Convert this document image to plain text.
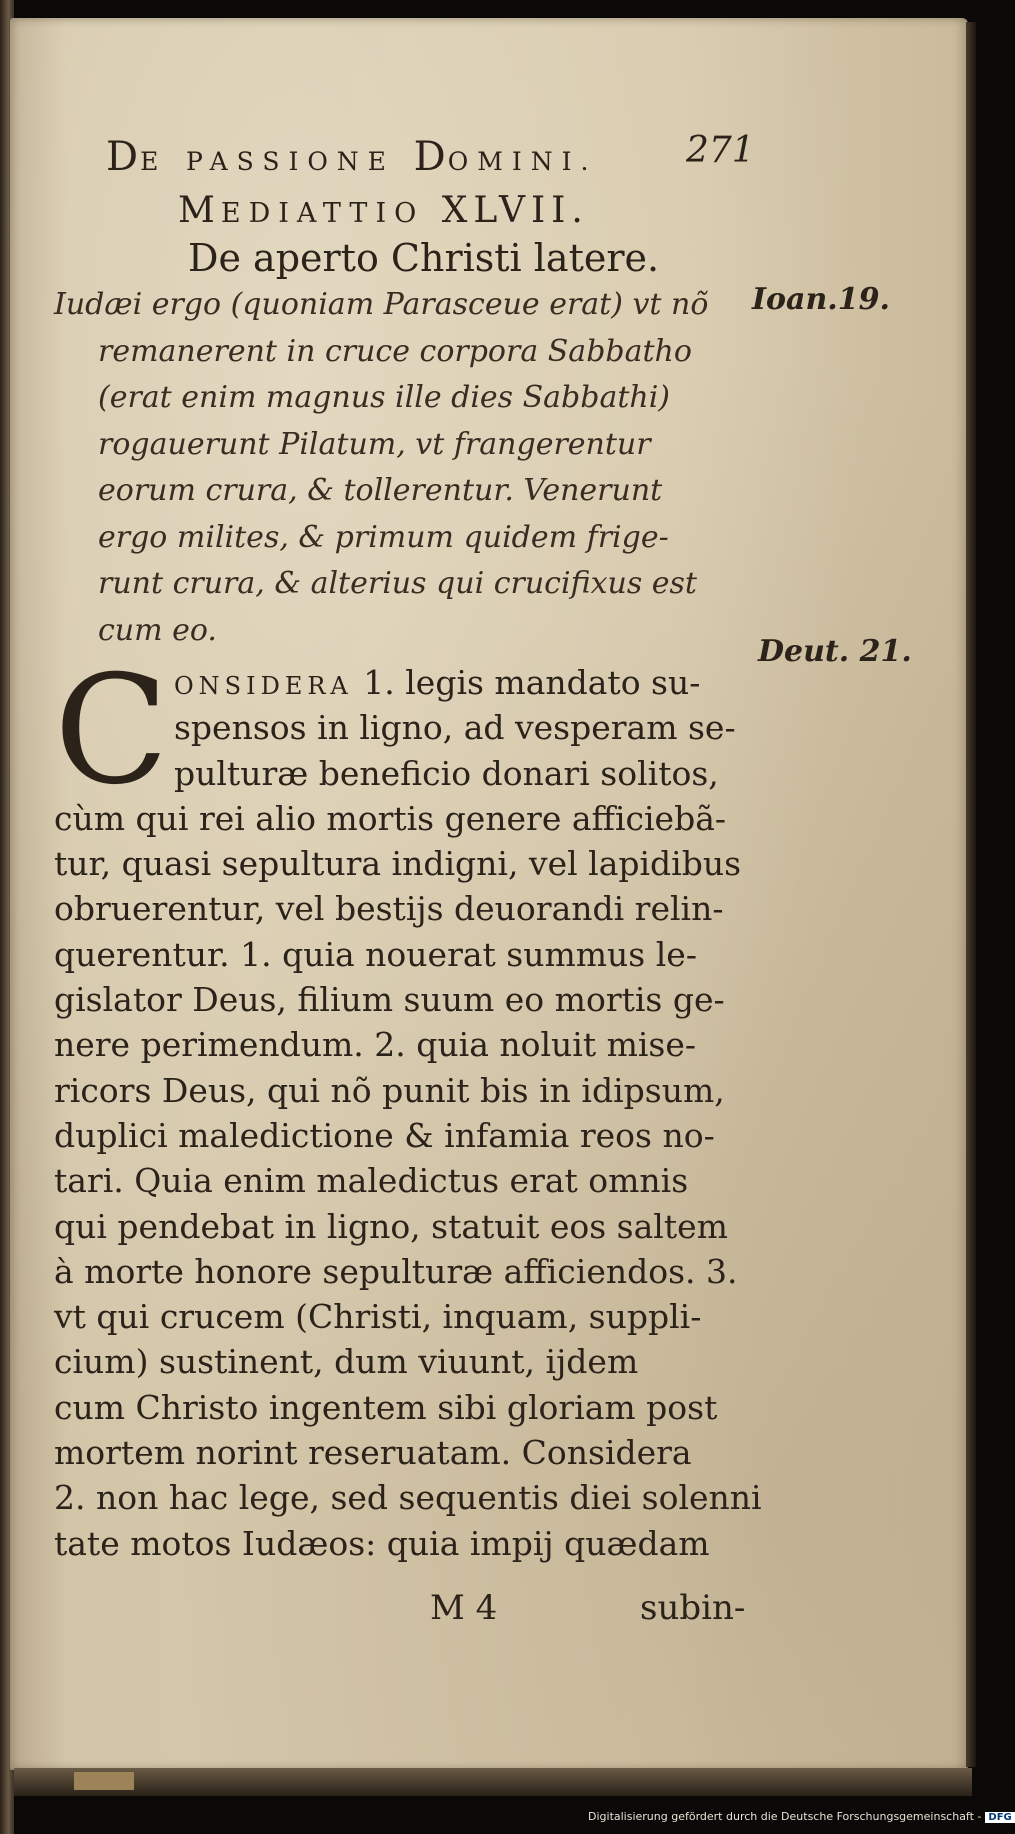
DE PASSIONE DOMINI.	271
MEDIATTIO XLVII.
De aperto Christi latere.
Iudæi ergo (quoniam Parasceue erat) vt nõ
remanerent in cruce corpora Sabbatho
(erat enim magnus ille dies Sabbathi)
rogauerunt Pilatum, vt frangerentur
eorum crura, & tollerentur. Venerunt
ergo milites, & primum quidem frige-
runt crura, & alterius qui crucifixus est
cum eo.
Ioan.19.
Deut. 21.
C ONSIDERA 1. legis mandato su-
spensos in ligno, ad vesperam se-
pulturæ beneficio donari solitos,
cùm qui rei alio mortis genere afficiebã-
tur, quasi sepultura indigni, vel lapidibus
obruerentur, vel bestijs deuorandi relin-
querentur. 1. quia nouerat summus le-
gislator Deus, filium suum eo mortis ge-
nere perimendum. 2. quia noluit mise-
ricors Deus, qui nõ punit bis in idipsum,
duplici maledictione & infamia reos no-
tari. Quia enim maledictus erat omnis
qui pendebat in ligno, statuit eos saltem
à morte honore sepulturæ afficiendos. 3.
vt qui crucem (Christi, inquam, suppli-
cium) sustinent, dum viuunt, ijdem
cum Christo ingentem sibi gloriam post
mortem norint reseruatam. Considera
2. non hac lege, sed sequentis diei solenni
tate motos Iudæos: quia impij quædam
M 4	subin-
Digitalisierung gefördert durch die Deutsche Forschungsgemeinschaft - DFG
